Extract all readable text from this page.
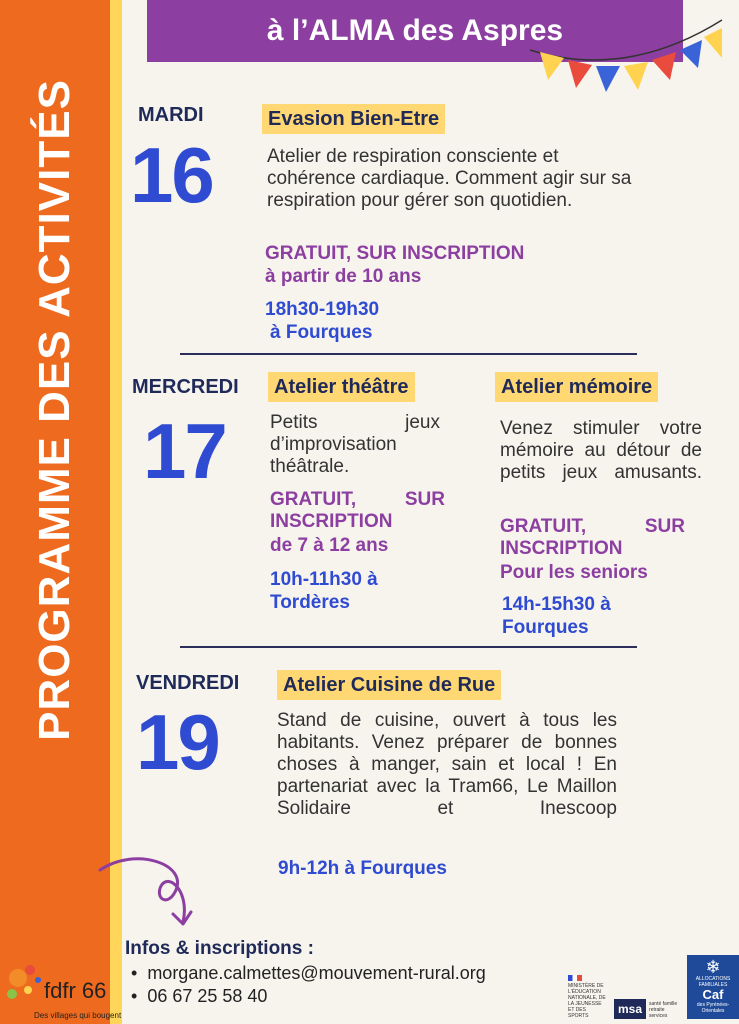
PROGRAMME DES ACTIVITÉS
à l’ALMA des Aspres
MARDI
16
Evasion Bien-Etre
Atelier de respiration consciente et cohérence cardiaque. Comment agir sur sa respiration pour gérer son quotidien.
GRATUIT, SUR INSCRIPTION
à partir de 10 ans
18h30-19h30
à Fourques
MERCREDI
17
Atelier théâtre
Petits jeux d’improvisation théâtrale.
GRATUIT, SUR INSCRIPTION
de 7 à 12 ans
10h-11h30 à
Tordères
Atelier mémoire
Venez stimuler votre mémoire au détour de petits jeux amusants.
GRATUIT, SUR INSCRIPTION
Pour les seniors
14h-15h30 à
Fourques
VENDREDI
19
Atelier Cuisine de Rue
Stand de cuisine, ouvert à tous les habitants. Venez préparer de bonnes choses à manger, sain et local ! En partenariat avec la Tram66, Le Maillon Solidaire et Inescoop
9h-12h à Fourques
Infos & inscriptions :
• morgane.calmettes@mouvement-rural.org
• 06 67 25 58 40
fdfr 66
Des villages qui bougent
MINISTÈRE DE L'ÉDUCATION NATIONALE, DE LA JEUNESSE ET DES SPORTS	msa	santé famille retraite services
❄
ALLOCATIONS FAMILIALES
Caf
des Pyrénées-Orientales
